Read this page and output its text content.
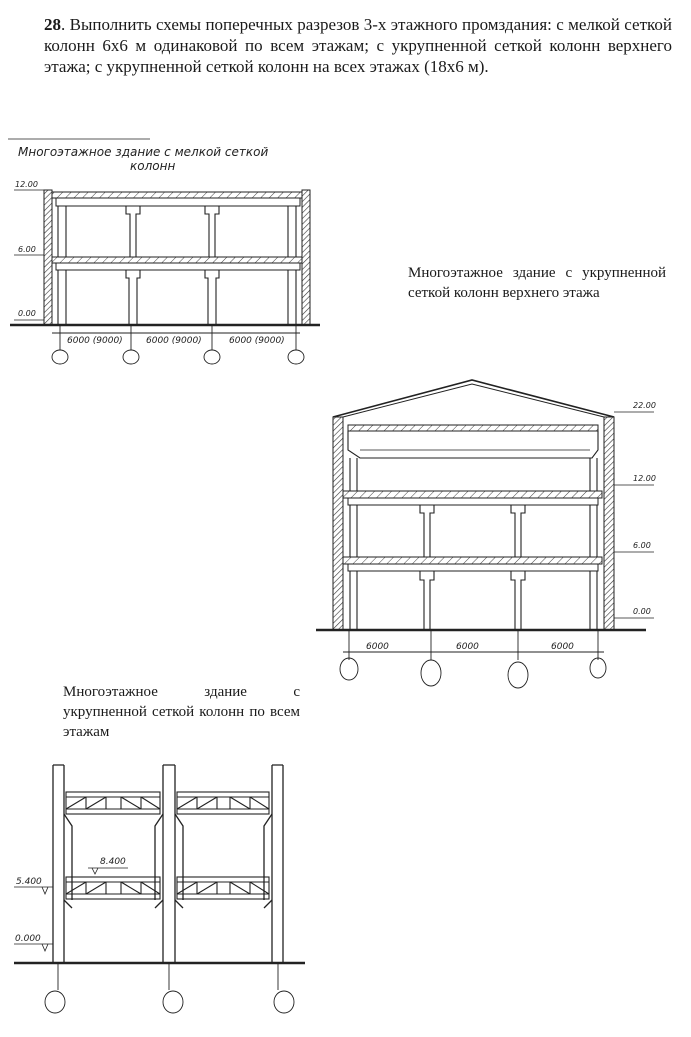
28. Выполнить схемы поперечных разрезов 3-х этажного промздания: с мелкой сеткой колонн 6х6 м одинаковой по всем этажам; с укрупненной сеткой колонн верхнего этажа; с укрупненной сеткой колонн на всех этажах (18х6 м).
Многоэтажное здание с укрупненной сеткой колонн верхнего этажа
Многоэтажное здание с укрупненной сеткой колонн по всем этажам
Многоэтажное здание с мелкой сеткой
колонн
12.00
6.00
0.00
6000 (9000)	6000 (9000)	6000 (9000)
22.00
12.00
6.00
0.00
6000	6000	6000
8.400
5.400
0.000
